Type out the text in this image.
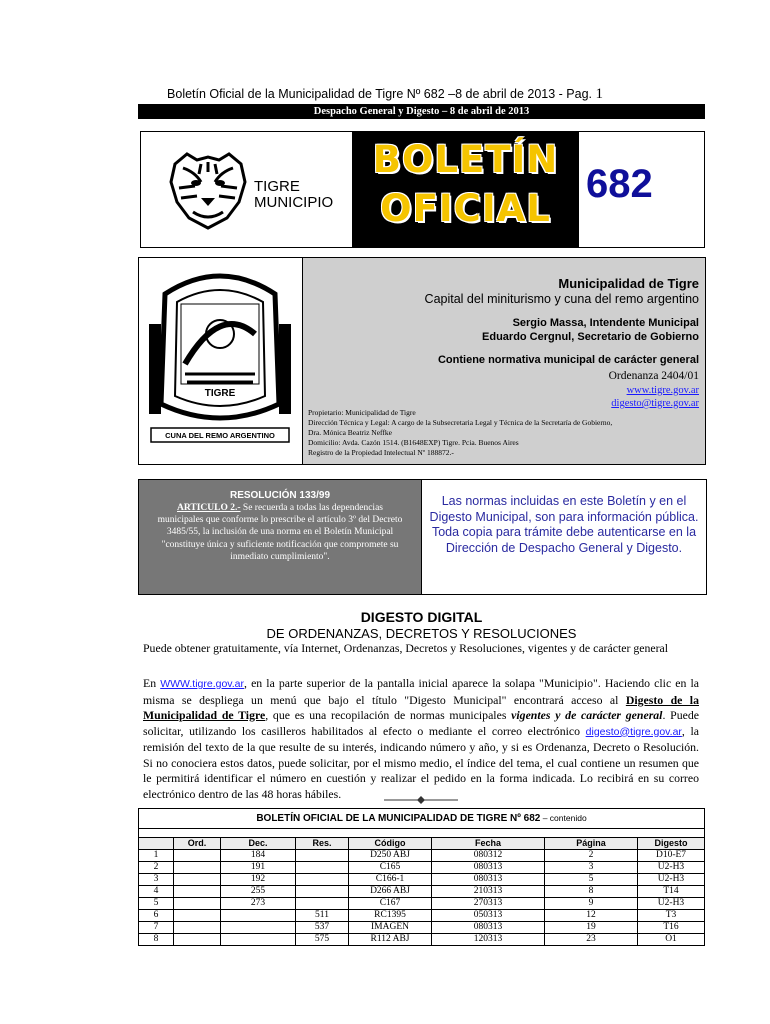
Boletín Oficial de la Municipalidad de Tigre Nº 682 –8 de abril de 2013 - Pag. 1
Despacho General y Digesto – 8 de abril de 2013
TIGRE
MUNICIPIO
BOLETÍN
OFICIAL
682
TIGRE
CUNA DEL REMO ARGENTINO
Municipalidad de Tigre
Capital del miniturismo y cuna del remo argentino
Sergio Massa, Intendente Municipal
Eduardo Cergnul, Secretario de Gobierno
Contiene normativa municipal de carácter general
Ordenanza 2404/01
www.tigre.gov.ar
digesto@tigre.gov.ar
Propietario: Municipalidad de Tigre
Dirección Técnica y Legal: A cargo de la Subsecretaria Legal y Técnica de la Secretaría de Gobierno,
Dra. Mónica Beatriz Neffke
Domicilio: Avda. Cazón 1514. (B1648EXP) Tigre. Pcia. Buenos Aires
Registro de la Propiedad Intelectual Nº 188872.-
RESOLUCIÓN 133/99
ARTICULO 2.- Se recuerda a todas las dependencias municipales que conforme lo prescribe el artículo 3º del Decreto 3485/55, la inclusión de una norma en el Boletín Municipal "constituye única y suficiente notificación que compromete su inmediato cumplimiento".
Las normas incluidas en este Boletín y en el Digesto Municipal, son para información pública. Toda copia para trámite debe autenticarse en la Dirección de Despacho General y Digesto.
DIGESTO DIGITAL
DE ORDENANZAS, DECRETOS Y RESOLUCIONES
Puede obtener gratuitamente, vía Internet, Ordenanzas, Decretos y Resoluciones, vigentes y de carácter general
En WWW.tigre.gov.ar, en la parte superior de la pantalla inicial aparece la solapa "Municipio". Haciendo clic en la misma se despliega un menú que bajo el título "Digesto Municipal" encontrará acceso al Digesto de la Municipalidad de Tigre, que es una recopilación de normas municipales vigentes y de carácter general. Puede solicitar, utilizando los casilleros habilitados al efecto o mediante el correo electrónico digesto@tigre.gov.ar, la remisión del texto de la que resulte de su interés, indicando número y año, y si es Ordenanza, Decreto o Resolución. Si no conociera estos datos, puede solicitar, por el mismo medio, el índice del tema, el cual contiene un resumen que le permitirá identificar el número en cuestión y realizar el pedido en la forma indicada. Lo recibirá en su correo electrónico dentro de las 48 horas hábiles.
BOLETÍN OFICIAL DE LA MUNICIPALIDAD DE TIGRE Nº 682 – contenido							

	Ord.	Dec.	Res.	Código	Fecha	Página	Digesto
1		184		D250 ABJ	080312	2	D10-E7
2		191		C165	080313	3	U2-H3
3		192		C166-1	080313	5	U2-H3
4		255		D266 ABJ	210313	8	T14
5		273		C167	270313	9	U2-H3
6			511	RC1395	050313	12	T3
7			537	IMAGEN	080313	19	T16
8			575	R112 ABJ	120313	23	O1
